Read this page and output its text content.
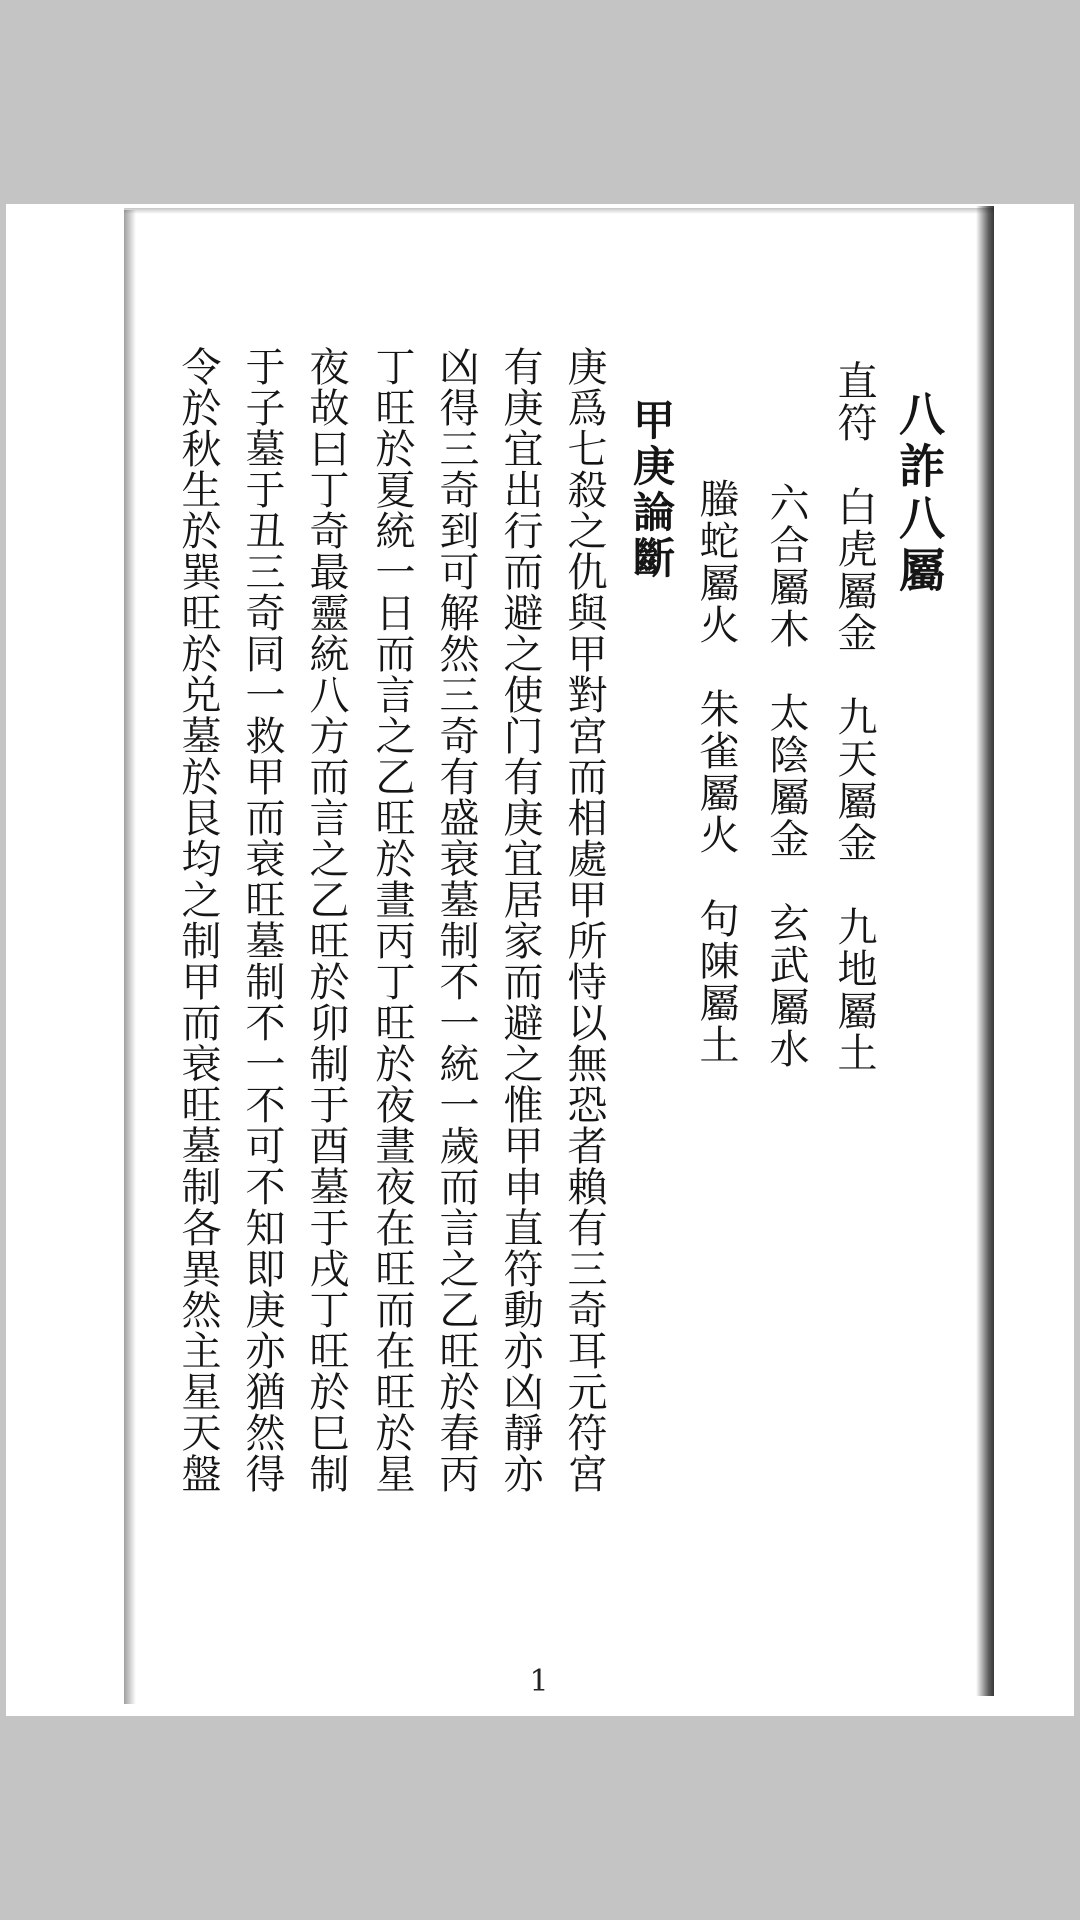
八詐八屬
直符　白虎屬金　九天屬金　九地屬土
六合屬木　太陰屬金　玄武屬水
螣蛇屬火　朱雀屬火　句陳屬土
甲庚論斷
庚爲七殺之仇與甲對宮而相處甲所恃以無恐者賴有三奇耳元符宮
有庚宜出行而避之使门有庚宜居家而避之惟甲申直符動亦凶靜亦
凶得三奇到可解然三奇有盛衰墓制不一統一歲而言之乙旺於春丙
丁旺於夏統一日而言之乙旺於晝丙丁旺於夜晝夜在旺而在旺於星
夜故曰丁奇最靈統八方而言之乙旺於卯制于酉墓于戌丁旺於巳制
于子墓于丑三奇同一救甲而衰旺墓制不一不可不知即庚亦猶然得
令於秋生於巽旺於兑墓於艮均之制甲而衰旺墓制各異然主星天盤
1
